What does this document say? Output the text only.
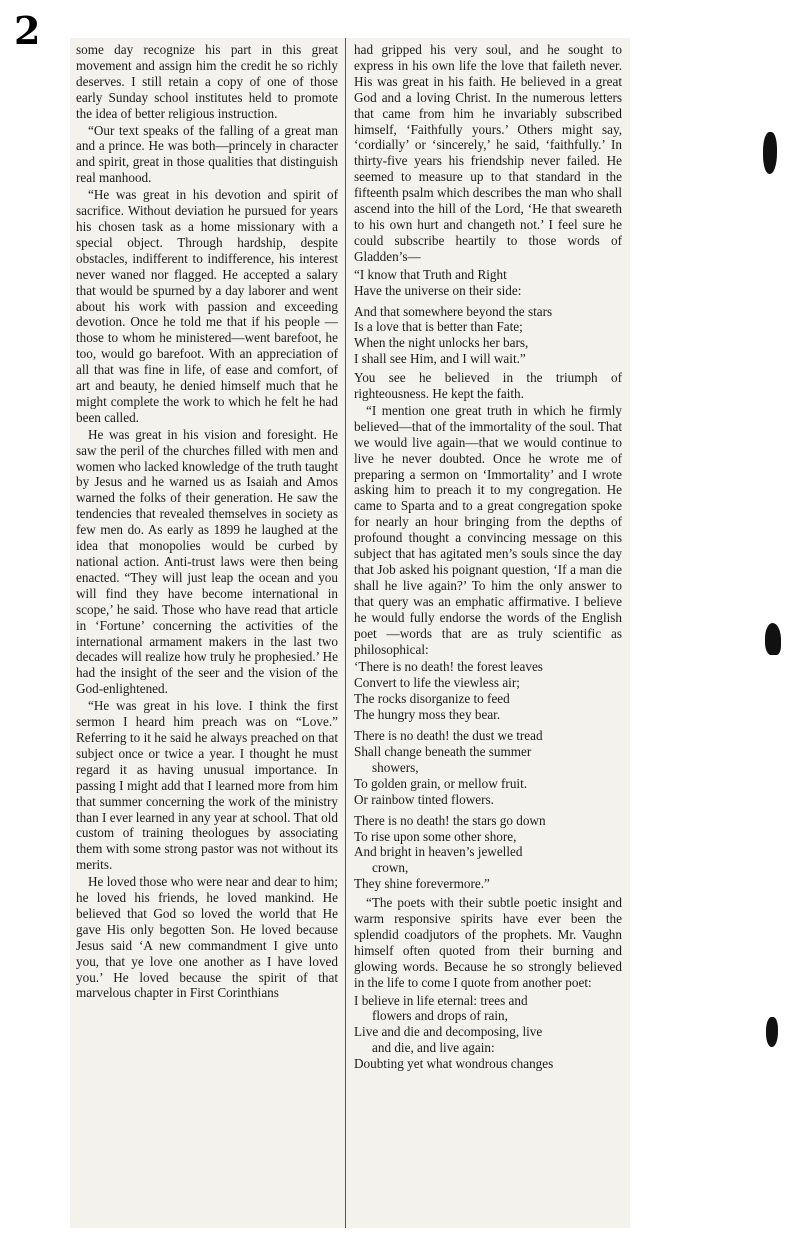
2	some day recognize his part in this great movement and assign him the credit he so richly deserves. I still retain a copy of one of those early Sunday school institutes held to promote the idea of better religious instruction.

“Our text speaks of the falling of a great man and a prince. He was both—princely in character and spirit, great in those qualities that distinguish real manhood.

“He was great in his devotion and spirit of sacrifice. Without deviation he pursued for years his chosen task as a home missionary with a special object. Through hardship, despite obstacles, indifferent to indifference, his interest never waned nor flagged. He accepted a salary that would be spurned by a day laborer and went about his work with passion and exceeding devotion. Once he told me that if his people —those to whom he ministered—went barefoot, he too, would go barefoot. With an appreciation of all that was fine in life, of ease and comfort, of art and beauty, he denied himself much that he might complete the work to which he felt he had been called.

He was great in his vision and foresight. He saw the peril of the churches filled with men and women who lacked knowledge of the truth taught by Jesus and he warned us as Isaiah and Amos warned the folks of their generation. He saw the tendencies that revealed themselves in society as few men do. As early as 1899 he laughed at the idea that monopolies would be curbed by national action. Anti-trust laws were then being enacted. “They will just leap the ocean and you will find they have become international in scope,’ he said. Those who have read that article in ‘Fortune’ concerning the activities of the international armament makers in the last two decades will realize how truly he prophesied.’ He had the insight of the seer and the vision of the God-enlightened.

“He was great in his love. I think the first sermon I heard him preach was on “Love.” Referring to it he said he always preached on that subject once or twice a year. I thought he must regard it as having unusual importance. In passing I might add that I learned more from him that summer concerning the work of the ministry than I ever learned in any year at school. That old custom of training theologues by associating them with some strong pastor was not without its merits.

He loved those who were near and dear to him; he loved his friends, he loved mankind. He believed that God so loved the world that He gave His only begotten Son. He loved because Jesus said ‘A new commandment I give unto you, that ye love one another as I have loved you.’ He loved because the spirit of that marvelous chapter in First Corinthians

had gripped his very soul, and he sought to express in his own life the love that faileth never. His was great in his faith. He believed in a great God and a loving Christ. In the numerous letters that came from him he invariably subscribed himself, ‘Faithfully yours.’ Others might say, ‘cordially’ or ‘sincerely,’ he said, ‘faithfully.’ In thirty-five years his friendship never failed. He seemed to measure up to that standard in the fifteenth psalm which describes the man who shall ascend into the hill of the Lord, ‘He that sweareth to his own hurt and changeth not.’ I feel sure he could subscribe heartily to those words of Gladden’s—

“I know that Truth and Right
Have the universe on their side:
And that somewhere beyond the stars
Is a love that is better than Fate;
When the night unlocks her bars,
I shall see Him, and I will wait.”

You see he believed in the triumph of righteousness. He kept the faith.

“I mention one great truth in which he firmly believed—that of the immortality of the soul. That we would live again—that we would continue to live he never doubted. Once he wrote me of preparing a sermon on ‘Immortality’ and I wrote asking him to preach it to my congregation. He came to Sparta and to a great congregation spoke for nearly an hour bringing from the depths of profound thought a convincing message on this subject that has agitated men’s souls since the day that Job asked his poignant question, ‘If a man die shall he live again?’ To him the only answer to that query was an emphatic affirmative. I believe he would fully endorse the words of the English poet —words that are as truly scientific as philosophical:

‘There is no death! the forest leaves
Convert to life the viewless air;
The rocks disorganize to feed
The hungry moss they bear.
There is no death! the dust we tread
Shall change beneath the summer
showers,
To golden grain, or mellow fruit.
Or rainbow tinted flowers.
There is no death! the stars go down
To rise upon some other shore,
And bright in heaven’s jewelled
crown,
They shine forevermore.”

“The poets with their subtle poetic insight and warm responsive spirits have ever been the splendid coadjutors of the prophets. Mr. Vaughn himself often quoted from their burning and glowing words. Because he so strongly believed in the life to come I quote from another poet:

I believe in life eternal: trees and
flowers and drops of rain,
Live and die and decomposing, live
and die, and live again:
Doubting yet what wondrous changes
